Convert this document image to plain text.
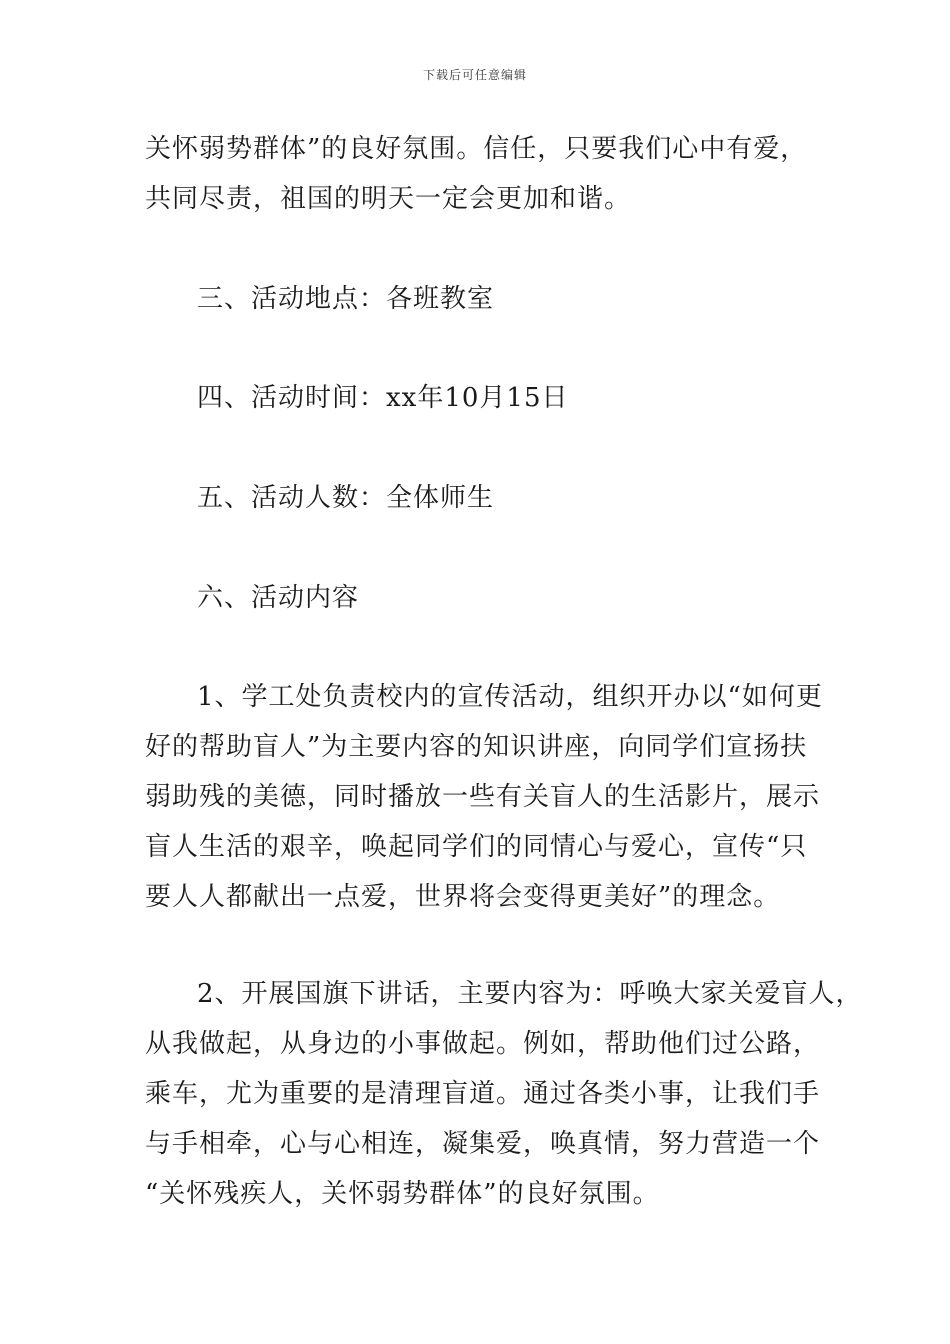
下载后可任意编辑
关怀弱势群体”的良好氛围。信任，只要我们心中有爱，
共同尽责，祖国的明天一定会更加和谐。
三、活动地点：各班教室
四、活动时间：xx年10月15日
五、活动人数：全体师生
六、活动内容
1、学工处负责校内的宣传活动，组织开办以“如何更
好的帮助盲人”为主要内容的知识讲座，向同学们宣扬扶
弱助残的美德，同时播放一些有关盲人的生活影片，展示
盲人生活的艰辛，唤起同学们的同情心与爱心，宣传“只
要人人都献出一点爱，世界将会变得更美好”的理念。
2、开展国旗下讲话，主要内容为：呼唤大家关爱盲人，
从我做起，从身边的小事做起。例如，帮助他们过公路，
乘车，尤为重要的是清理盲道。通过各类小事，让我们手
与手相牵，心与心相连，凝集爱，唤真情，努力营造一个
“关怀残疾人，关怀弱势群体”的良好氛围。
